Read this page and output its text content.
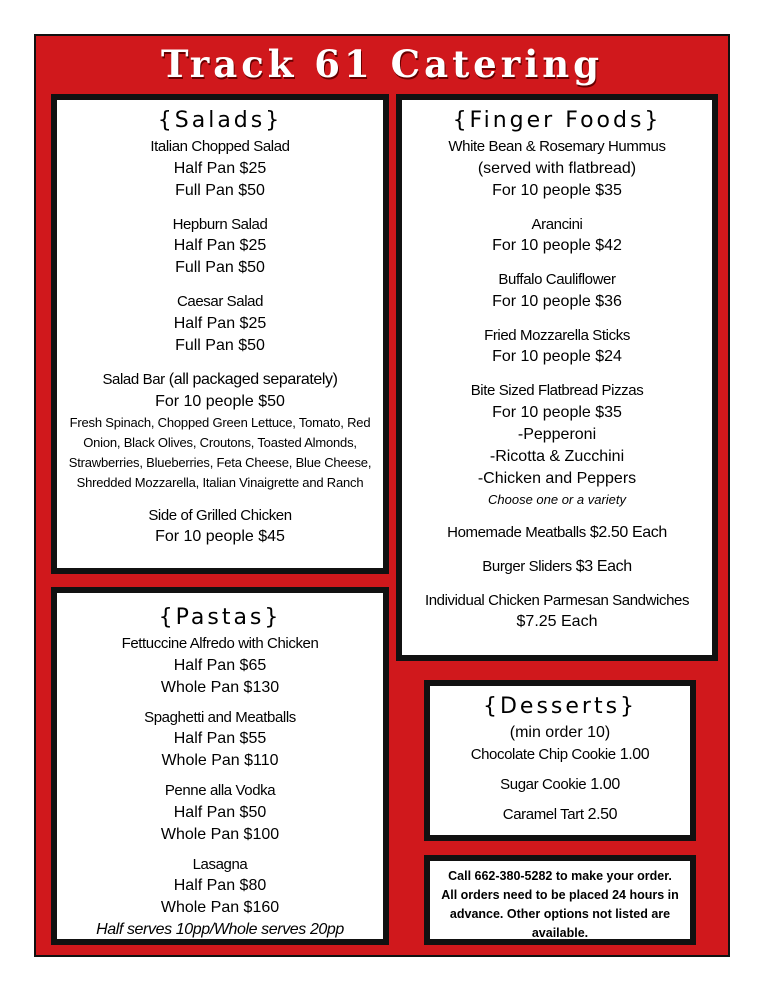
Track 61 Catering
{Salads}
Italian Chopped Salad
Half Pan $25
Full Pan $50
Hepburn Salad
Half Pan $25
Full Pan $50
Caesar Salad
Half Pan $25
Full Pan $50
Salad Bar (all packaged separately)
For 10 people $50
Fresh Spinach, Chopped Green Lettuce, Tomato, Red Onion, Black Olives, Croutons, Toasted Almonds, Strawberries, Blueberries, Feta Cheese, Blue Cheese, Shredded Mozzarella, Italian Vinaigrette and Ranch
Side of Grilled Chicken
For 10 people $45
{Finger Foods}
White Bean & Rosemary Hummus
(served with flatbread)
For 10 people $35
Arancini
For 10 people $42
Buffalo Cauliflower
For 10 people $36
Fried Mozzarella Sticks
For 10 people $24
Bite Sized Flatbread Pizzas
For 10 people $35
-Pepperoni
-Ricotta & Zucchini
-Chicken and Peppers
Choose one or a variety
Homemade Meatballs $2.50 Each
Burger Sliders $3 Each
Individual Chicken Parmesan Sandwiches
$7.25 Each
{Pastas}
Fettuccine Alfredo with Chicken
Half Pan $65
Whole Pan $130
Spaghetti and Meatballs
Half Pan $55
Whole Pan $110
Penne alla Vodka
Half Pan $50
Whole Pan $100
Lasagna
Half Pan $80
Whole Pan $160
Half serves 10pp/Whole serves 20pp
{Desserts}
(min order 10)
Chocolate Chip Cookie 1.00
Sugar Cookie 1.00
Caramel Tart 2.50
Call 662-380-5282 to make your order. All orders need to be placed 24 hours in advance. Other options not listed are available.
